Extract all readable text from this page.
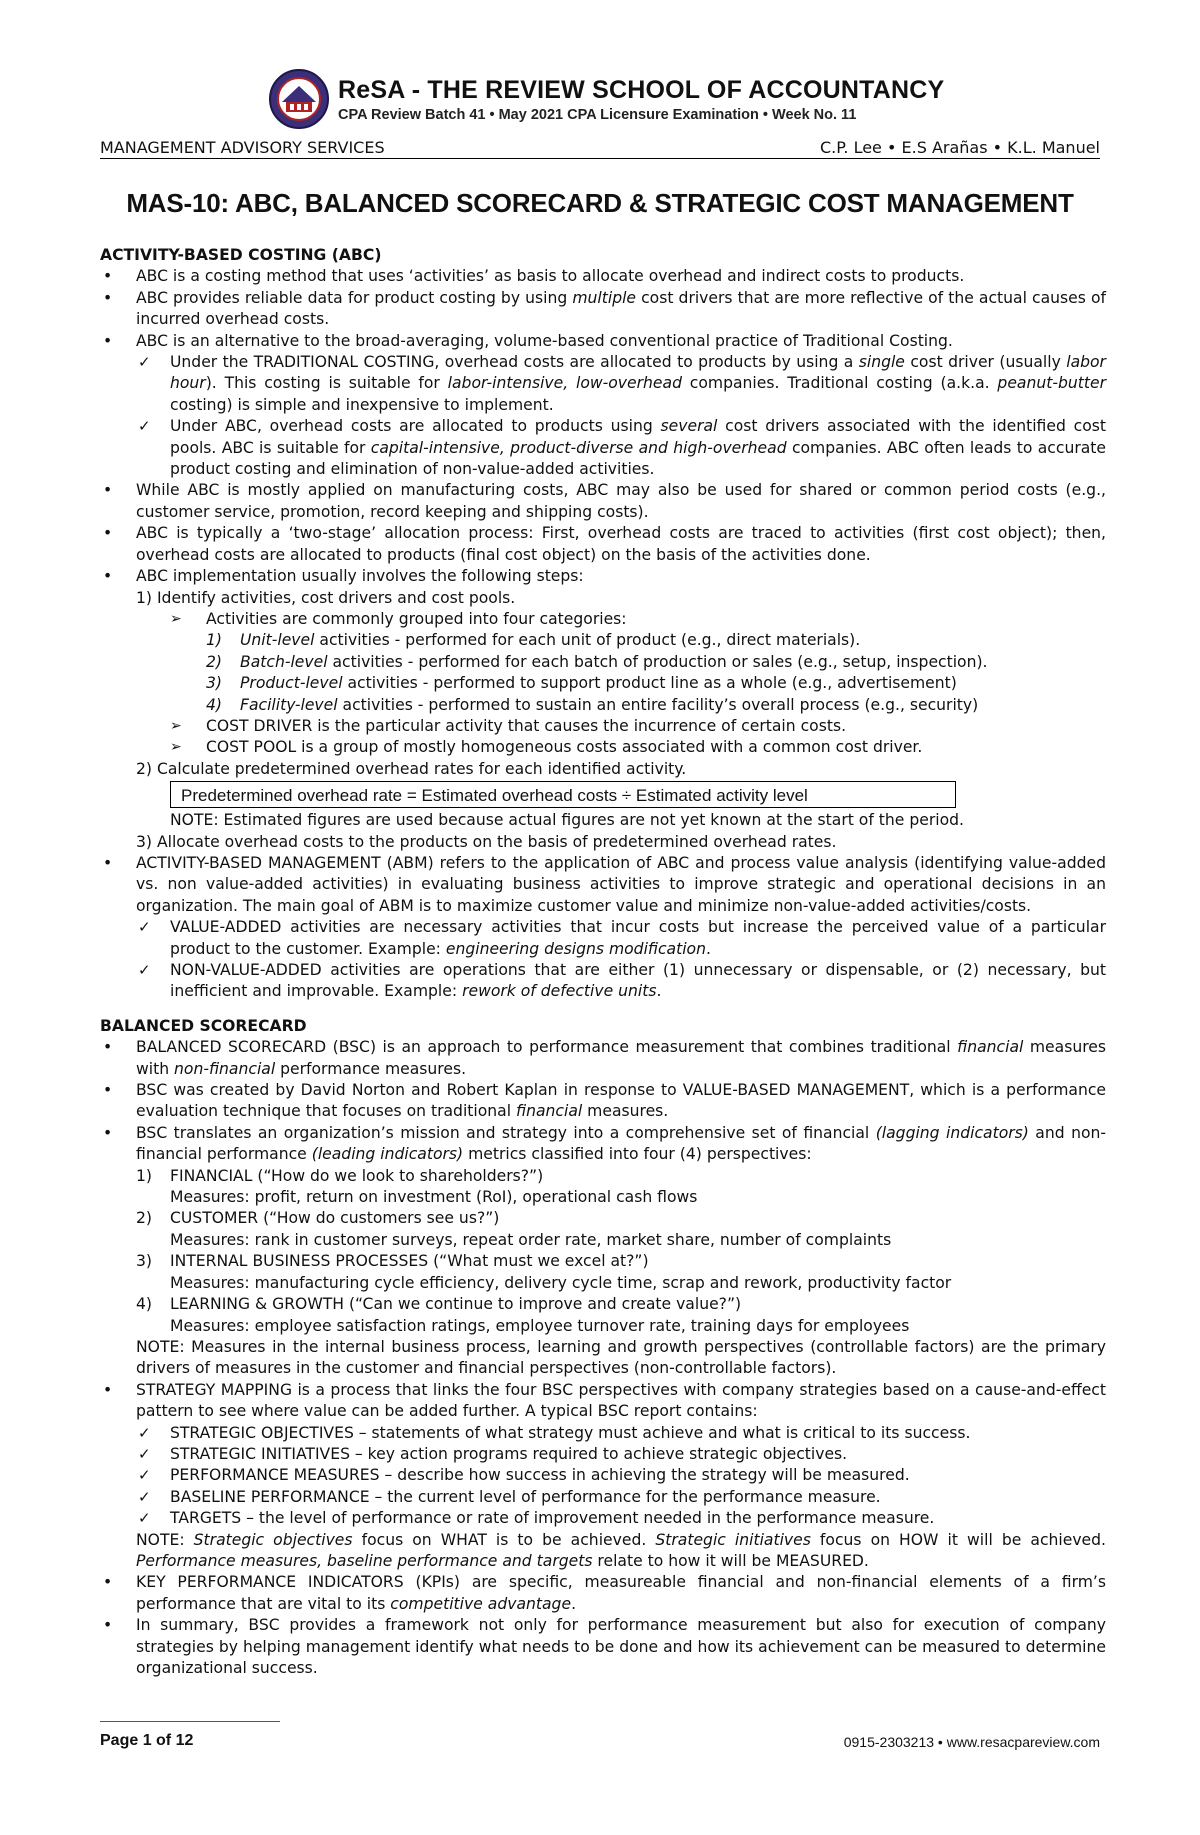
ReSA - THE REVIEW SCHOOL OF ACCOUNTANCY
CPA Review Batch 41 • May 2021 CPA Licensure Examination • Week No. 11
MANAGEMENT ADVISORY SERVICES	C.P. Lee • E.S Arañas • K.L. Manuel
MAS-10: ABC, BALANCED SCORECARD & STRATEGIC COST MANAGEMENT

ACTIVITY-BASED COSTING (ABC)

• ABC is a costing method that uses ‘activities’ as basis to allocate overhead and indirect costs to products.

• ABC provides reliable data for product costing by using multiple cost drivers that are more reflective of the actual causes of incurred overhead costs.

• ABC is an alternative to the broad-averaging, volume-based conventional practice of Traditional Costing.

✓ Under the TRADITIONAL COSTING, overhead costs are allocated to products by using a single cost driver (usually labor hour). This costing is suitable for labor-intensive, low-overhead companies. Traditional costing (a.k.a. peanut-butter costing) is simple and inexpensive to implement.

✓ Under ABC, overhead costs are allocated to products using several cost drivers associated with the identified cost pools. ABC is suitable for capital-intensive, product-diverse and high-overhead companies. ABC often leads to accurate product costing and elimination of non-value-added activities.

• While ABC is mostly applied on manufacturing costs, ABC may also be used for shared or common period costs (e.g., customer service, promotion, record keeping and shipping costs).

• ABC is typically a ‘two-stage’ allocation process: First, overhead costs are traced to activities (first cost object); then, overhead costs are allocated to products (final cost object) on the basis of the activities done.

• ABC implementation usually involves the following steps:

1) Identify activities, cost drivers and cost pools.

➢ Activities are commonly grouped into four categories:

1) Unit-level activities - performed for each unit of product (e.g., direct materials).

2) Batch-level activities - performed for each batch of production or sales (e.g., setup, inspection).

3) Product-level activities - performed to support product line as a whole (e.g., advertisement)

4) Facility-level activities - performed to sustain an entire facility’s overall process (e.g., security)

➢ COST DRIVER is the particular activity that causes the incurrence of certain costs.

➢ COST POOL is a group of mostly homogeneous costs associated with a common cost driver.

2) Calculate predetermined overhead rates for each identified activity.

Predetermined overhead rate = Estimated overhead costs ÷ Estimated activity level

NOTE: Estimated figures are used because actual figures are not yet known at the start of the period.

3) Allocate overhead costs to the products on the basis of predetermined overhead rates.

• ACTIVITY-BASED MANAGEMENT (ABM) refers to the application of ABC and process value analysis (identifying value-added vs. non value-added activities) in evaluating business activities to improve strategic and operational decisions in an organization. The main goal of ABM is to maximize customer value and minimize non-value-added activities/costs.

✓ VALUE-ADDED activities are necessary activities that incur costs but increase the perceived value of a particular product to the customer. Example: engineering designs modification.

✓ NON-VALUE-ADDED activities are operations that are either (1) unnecessary or dispensable, or (2) necessary, but inefficient and improvable. Example: rework of defective units.

BALANCED SCORECARD

• BALANCED SCORECARD (BSC) is an approach to performance measurement that combines traditional financial measures with non-financial performance measures.

• BSC was created by David Norton and Robert Kaplan in response to VALUE-BASED MANAGEMENT, which is a performance evaluation technique that focuses on traditional financial measures.

• BSC translates an organization’s mission and strategy into a comprehensive set of financial (lagging indicators) and non-financial performance (leading indicators) metrics classified into four (4) perspectives:

1) FINANCIAL (“How do we look to shareholders?”)

Measures: profit, return on investment (RoI), operational cash flows

2) CUSTOMER (“How do customers see us?”)

Measures: rank in customer surveys, repeat order rate, market share, number of complaints

3) INTERNAL BUSINESS PROCESSES (“What must we excel at?”)

Measures: manufacturing cycle efficiency, delivery cycle time, scrap and rework, productivity factor

4) LEARNING & GROWTH (“Can we continue to improve and create value?”)

Measures: employee satisfaction ratings, employee turnover rate, training days for employees

NOTE: Measures in the internal business process, learning and growth perspectives (controllable factors) are the primary drivers of measures in the customer and financial perspectives (non-controllable factors).

• STRATEGY MAPPING is a process that links the four BSC perspectives with company strategies based on a cause-and-effect pattern to see where value can be added further. A typical BSC report contains:

✓ STRATEGIC OBJECTIVES – statements of what strategy must achieve and what is critical to its success.

✓ STRATEGIC INITIATIVES – key action programs required to achieve strategic objectives.

✓ PERFORMANCE MEASURES – describe how success in achieving the strategy will be measured.

✓ BASELINE PERFORMANCE – the current level of performance for the performance measure.

✓ TARGETS – the level of performance or rate of improvement needed in the performance measure.

NOTE: Strategic objectives focus on WHAT is to be achieved. Strategic initiatives focus on HOW it will be achieved. Performance measures, baseline performance and targets relate to how it will be MEASURED.

• KEY PERFORMANCE INDICATORS (KPIs) are specific, measureable financial and non-financial elements of a firm’s performance that are vital to its competitive advantage.

• In summary, BSC provides a framework not only for performance measurement but also for execution of company strategies by helping management identify what needs to be done and how its achievement can be measured to determine organizational success.

Page 1 of 12	0915-2303213 • www.resacpareview.com
